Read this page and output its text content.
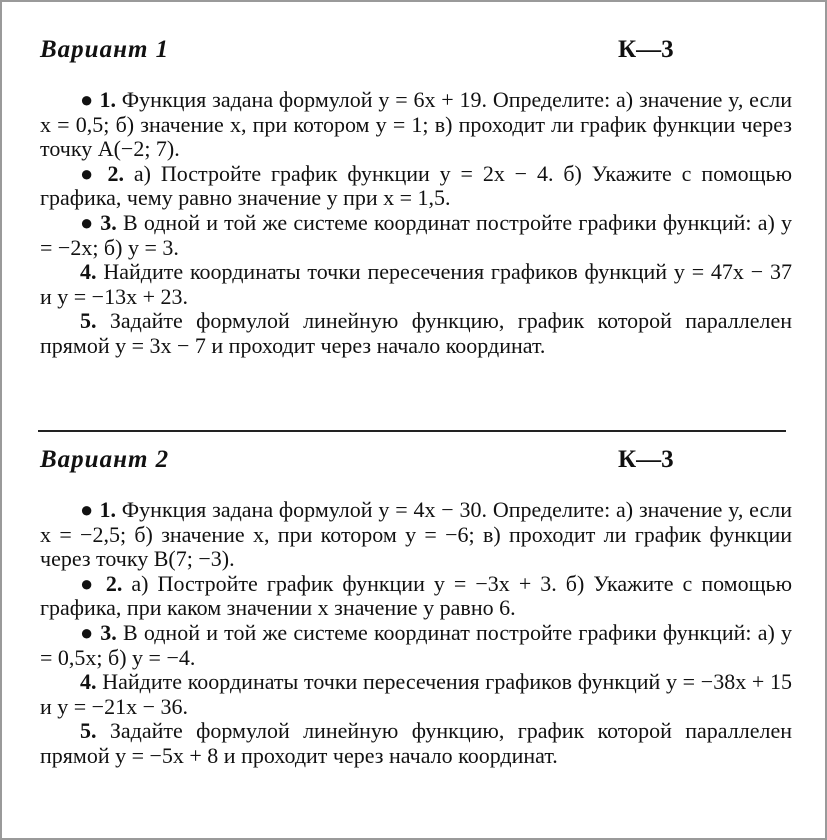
Вариант 1	К—3

● 1. Функция задана формулой y = 6x + 19. Определите: а) значение y, если x = 0,5; б) значение x, при котором y = 1; в) проходит ли график функции через точку A(−2; 7).

● 2. а) Постройте график функции y = 2x − 4. б) Укажите с помощью графика, чему равно значение y при x = 1,5.

● 3. В одной и той же системе координат постройте графики функций: а) y = −2x; б) y = 3.

4. Найдите координаты точки пересечения графиков функций y = 47x − 37 и y = −13x + 23.

5. Задайте формулой линейную функцию, график которой параллелен прямой y = 3x − 7 и проходит через начало координат.

Вариант 2	К—3

● 1. Функция задана формулой y = 4x − 30. Определите: а) значение y, если x = −2,5; б) значение x, при котором y = −6; в) проходит ли график функции через точку B(7; −3).

● 2. а) Постройте график функции y = −3x + 3. б) Укажите с помощью графика, при каком значении x значение y равно 6.

● 3. В одной и той же системе координат постройте графики функций: а) y = 0,5x; б) y = −4.

4. Найдите координаты точки пересечения графиков функций y = −38x + 15 и y = −21x − 36.

5. Задайте формулой линейную функцию, график которой параллелен прямой y = −5x + 8 и проходит через начало координат.
